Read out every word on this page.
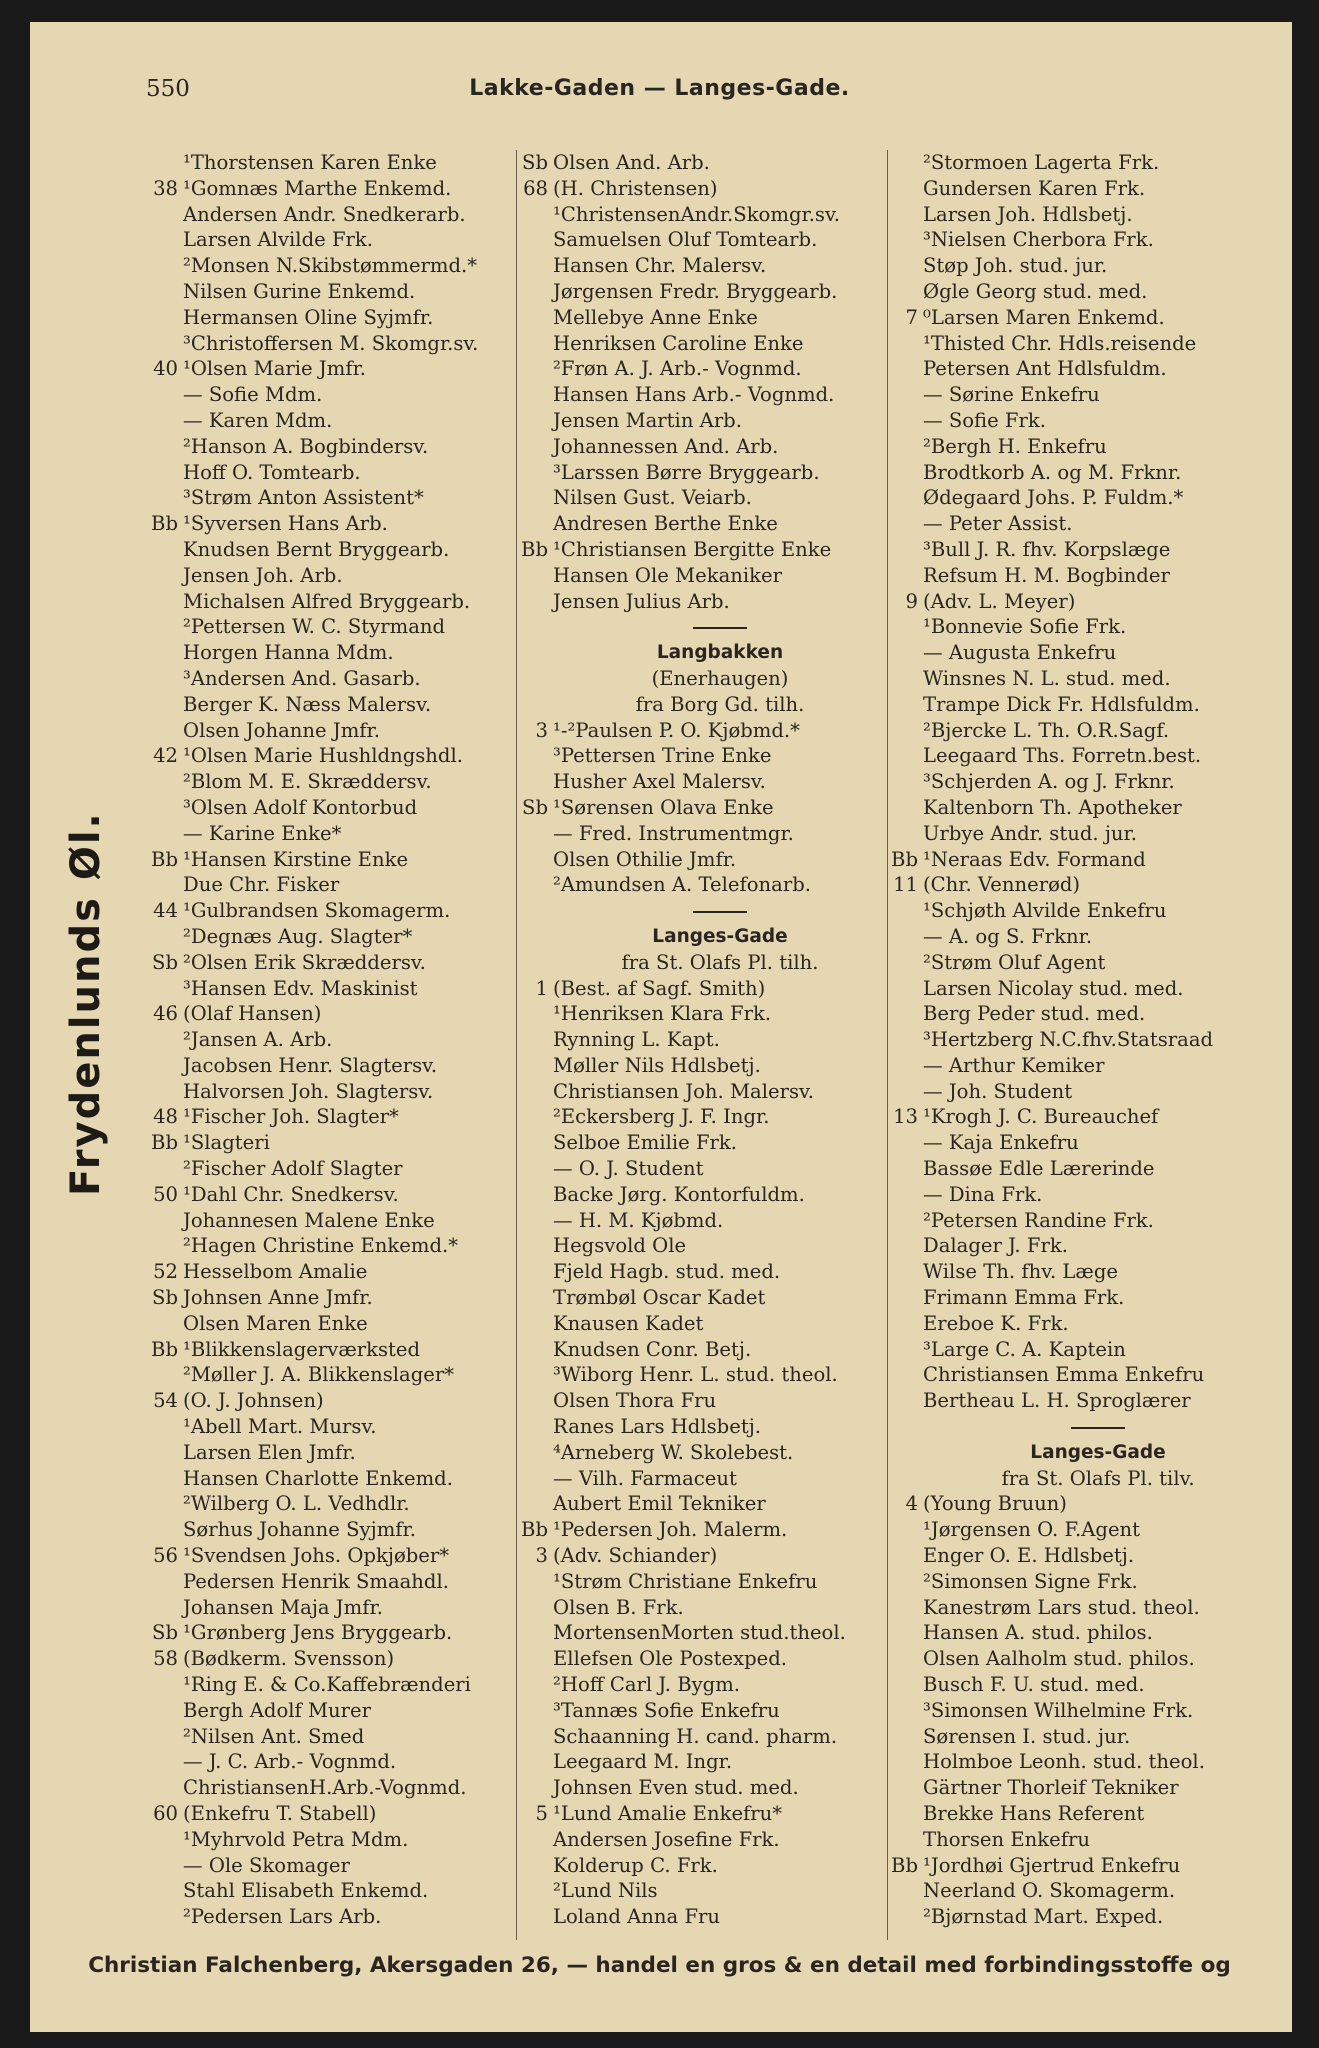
550	Lakke-Gaden — Langes-Gade.
¹Thorstensen Karen Enke
38 ¹Gomnæs Marthe Enkemd.
Andersen Andr. Snedkerarb.
Larsen Alvilde Frk.
²Monsen N.Skibstømmermd.*
Nilsen Gurine Enkemd.
Hermansen Oline Syjmfr.
³Christoffersen M. Skomgr.sv.
40 ¹Olsen Marie Jmfr.
— Sofie Mdm.
— Karen Mdm.
²Hanson A. Bogbindersv.
Hoff O. Tomtearb.
³Strøm Anton Assistent*
Bb ¹Syversen Hans Arb.
Knudsen Bernt Bryggearb.
Jensen Joh. Arb.
Michalsen Alfred Bryggearb.
²Pettersen W. C. Styrmand
Horgen Hanna Mdm.
³Andersen And. Gasarb.
Berger K. Næss Malersv.
Olsen Johanne Jmfr.
42 ¹Olsen Marie Hushldngshdl.
²Blom M. E. Skræddersv.
³Olsen Adolf Kontorbud
— Karine Enke*
Bb ¹Hansen Kirstine Enke
Due Chr. Fisker
44 ¹Gulbrandsen Skomagerm.
²Degnæs Aug. Slagter*
Sb ²Olsen Erik Skræddersv.
³Hansen Edv. Maskinist
46 (Olaf Hansen)
²Jansen A. Arb.
Jacobsen Henr. Slagtersv.
Halvorsen Joh. Slagtersv.
48 ¹Fischer Joh. Slagter*
Bb ¹Slagteri
²Fischer Adolf Slagter
50 ¹Dahl Chr. Snedkersv.
Johannesen Malene Enke
²Hagen Christine Enkemd.*
52 Hesselbom Amalie
Sb Johnsen Anne Jmfr.
Olsen Maren Enke
Bb ¹Blikkenslagerværksted
²Møller J. A. Blikkenslager*
54 (O. J. Johnsen)
¹Abell Mart. Mursv.
Larsen Elen Jmfr.
Hansen Charlotte Enkemd.
²Wilberg O. L. Vedhdlr.
Sørhus Johanne Syjmfr.
56 ¹Svendsen Johs. Opkjøber*
Pedersen Henrik Smaahdl.
Johansen Maja Jmfr.
Sb ¹Grønberg Jens Bryggearb.
58 (Bødkerm. Svensson)
¹Ring E. & Co.Kaffebrænderi
Bergh Adolf Murer
²Nilsen Ant. Smed
— J. C. Arb.- Vognmd.
ChristiansenH.Arb.-Vognmd.
60 (Enkefru T. Stabell)
¹Myhrvold Petra Mdm.
— Ole Skomager
Stahl Elisabeth Enkemd.
²Pedersen Lars Arb.
Sb Olsen And. Arb.
68 (H. Christensen)
¹ChristensenAndr.Skomgr.sv.
Samuelsen Oluf Tomtearb.
Hansen Chr. Malersv.
Jørgensen Fredr. Bryggearb.
Mellebye Anne Enke
Henriksen Caroline Enke
²Frøn A. J. Arb.- Vognmd.
Hansen Hans Arb.- Vognmd.
Jensen Martin Arb.
Johannessen And. Arb.
³Larssen Børre Bryggearb.
Nilsen Gust. Veiarb.
Andresen Berthe Enke
Bb ¹Christiansen Bergitte Enke
Hansen Ole Mekaniker
Jensen Julius Arb.
Langbakken
(Enerhaugen)
fra Borg Gd. tilh.
3 ¹-²Paulsen P. O. Kjøbmd.*
³Pettersen Trine Enke
Husher Axel Malersv.
Sb ¹Sørensen Olava Enke
— Fred. Instrumentmgr.
Olsen Othilie Jmfr.
²Amundsen A. Telefonarb.
Langes-Gade
fra St. Olafs Pl. tilh.
1 (Best. af Sagf. Smith)
¹Henriksen Klara Frk.
Rynning L. Kapt.
Møller Nils Hdlsbetj.
Christiansen Joh. Malersv.
²Eckersberg J. F. Ingr.
Selboe Emilie Frk.
— O. J. Student
Backe Jørg. Kontorfuldm.
— H. M. Kjøbmd.
Hegsvold Ole
Fjeld Hagb. stud. med.
Trømbøl Oscar Kadet
Knausen Kadet
Knudsen Conr. Betj.
³Wiborg Henr. L. stud. theol.
Olsen Thora Fru
Ranes Lars Hdlsbetj.
⁴Arneberg W. Skolebest.
— Vilh. Farmaceut
Aubert Emil Tekniker
Bb ¹Pedersen Joh. Malerm.
3 (Adv. Schiander)
¹Strøm Christiane Enkefru
Olsen B. Frk.
MortensenMorten stud.theol.
Ellefsen Ole Postexped.
²Hoff Carl J. Bygm.
³Tannæs Sofie Enkefru
Schaanning H. cand. pharm.
Leegaard M. Ingr.
Johnsen Even stud. med.
5 ¹Lund Amalie Enkefru*
Andersen Josefine Frk.
Kolderup C. Frk.
²Lund Nils
Loland Anna Fru
²Stormoen Lagerta Frk.
Gundersen Karen Frk.
Larsen Joh. Hdlsbetj.
³Nielsen Cherbora Frk.
Støp Joh. stud. jur.
Øgle Georg stud. med.
7 ⁰Larsen Maren Enkemd.
¹Thisted Chr. Hdls.reisende
Petersen Ant Hdlsfuldm.
— Sørine Enkefru
— Sofie Frk.
²Bergh H. Enkefru
Brodtkorb A. og M. Frknr.
Ødegaard Johs. P. Fuldm.*
— Peter Assist.
³Bull J. R. fhv. Korpslæge
Refsum H. M. Bogbinder
9 (Adv. L. Meyer)
¹Bonnevie Sofie Frk.
— Augusta Enkefru
Winsnes N. L. stud. med.
Trampe Dick Fr. Hdlsfuldm.
²Bjercke L. Th. O.R.Sagf.
Leegaard Ths. Forretn.best.
³Schjerden A. og J. Frknr.
Kaltenborn Th. Apotheker
Urbye Andr. stud. jur.
Bb ¹Neraas Edv. Formand
11 (Chr. Vennerød)
¹Schjøth Alvilde Enkefru
— A. og S. Frknr.
²Strøm Oluf Agent
Larsen Nicolay stud. med.
Berg Peder stud. med.
³Hertzberg N.C.fhv.Statsraad
— Arthur Kemiker
— Joh. Student
13 ¹Krogh J. C. Bureauchef
— Kaja Enkefru
Bassøe Edle Lærerinde
— Dina Frk.
²Petersen Randine Frk.
Dalager J. Frk.
Wilse Th. fhv. Læge
Frimann Emma Frk.
Ereboe K. Frk.
³Large C. A. Kaptein
Christiansen Emma Enkefru
Bertheau L. H. Sproglærer
Langes-Gade
fra St. Olafs Pl. tilv.
4 (Young Bruun)
¹Jørgensen O. F.Agent
Enger O. E. Hdlsbetj.
²Simonsen Signe Frk.
Kanestrøm Lars stud. theol.
Hansen A. stud. philos.
Olsen Aalholm stud. philos.
Busch F. U. stud. med.
³Simonsen Wilhelmine Frk.
Sørensen I. stud. jur.
Holmboe Leonh. stud. theol.
Gärtner Thorleif Tekniker
Brekke Hans Referent
Thorsen Enkefru
Bb ¹Jordhøi Gjertrud Enkefru
Neerland O. Skomagerm.
²Bjørnstad Mart. Exped.
Frydenlunds Øl.
Christian Falchenberg, Akersgaden 26, — handel en gros & en detail med forbindingsstoffe og
